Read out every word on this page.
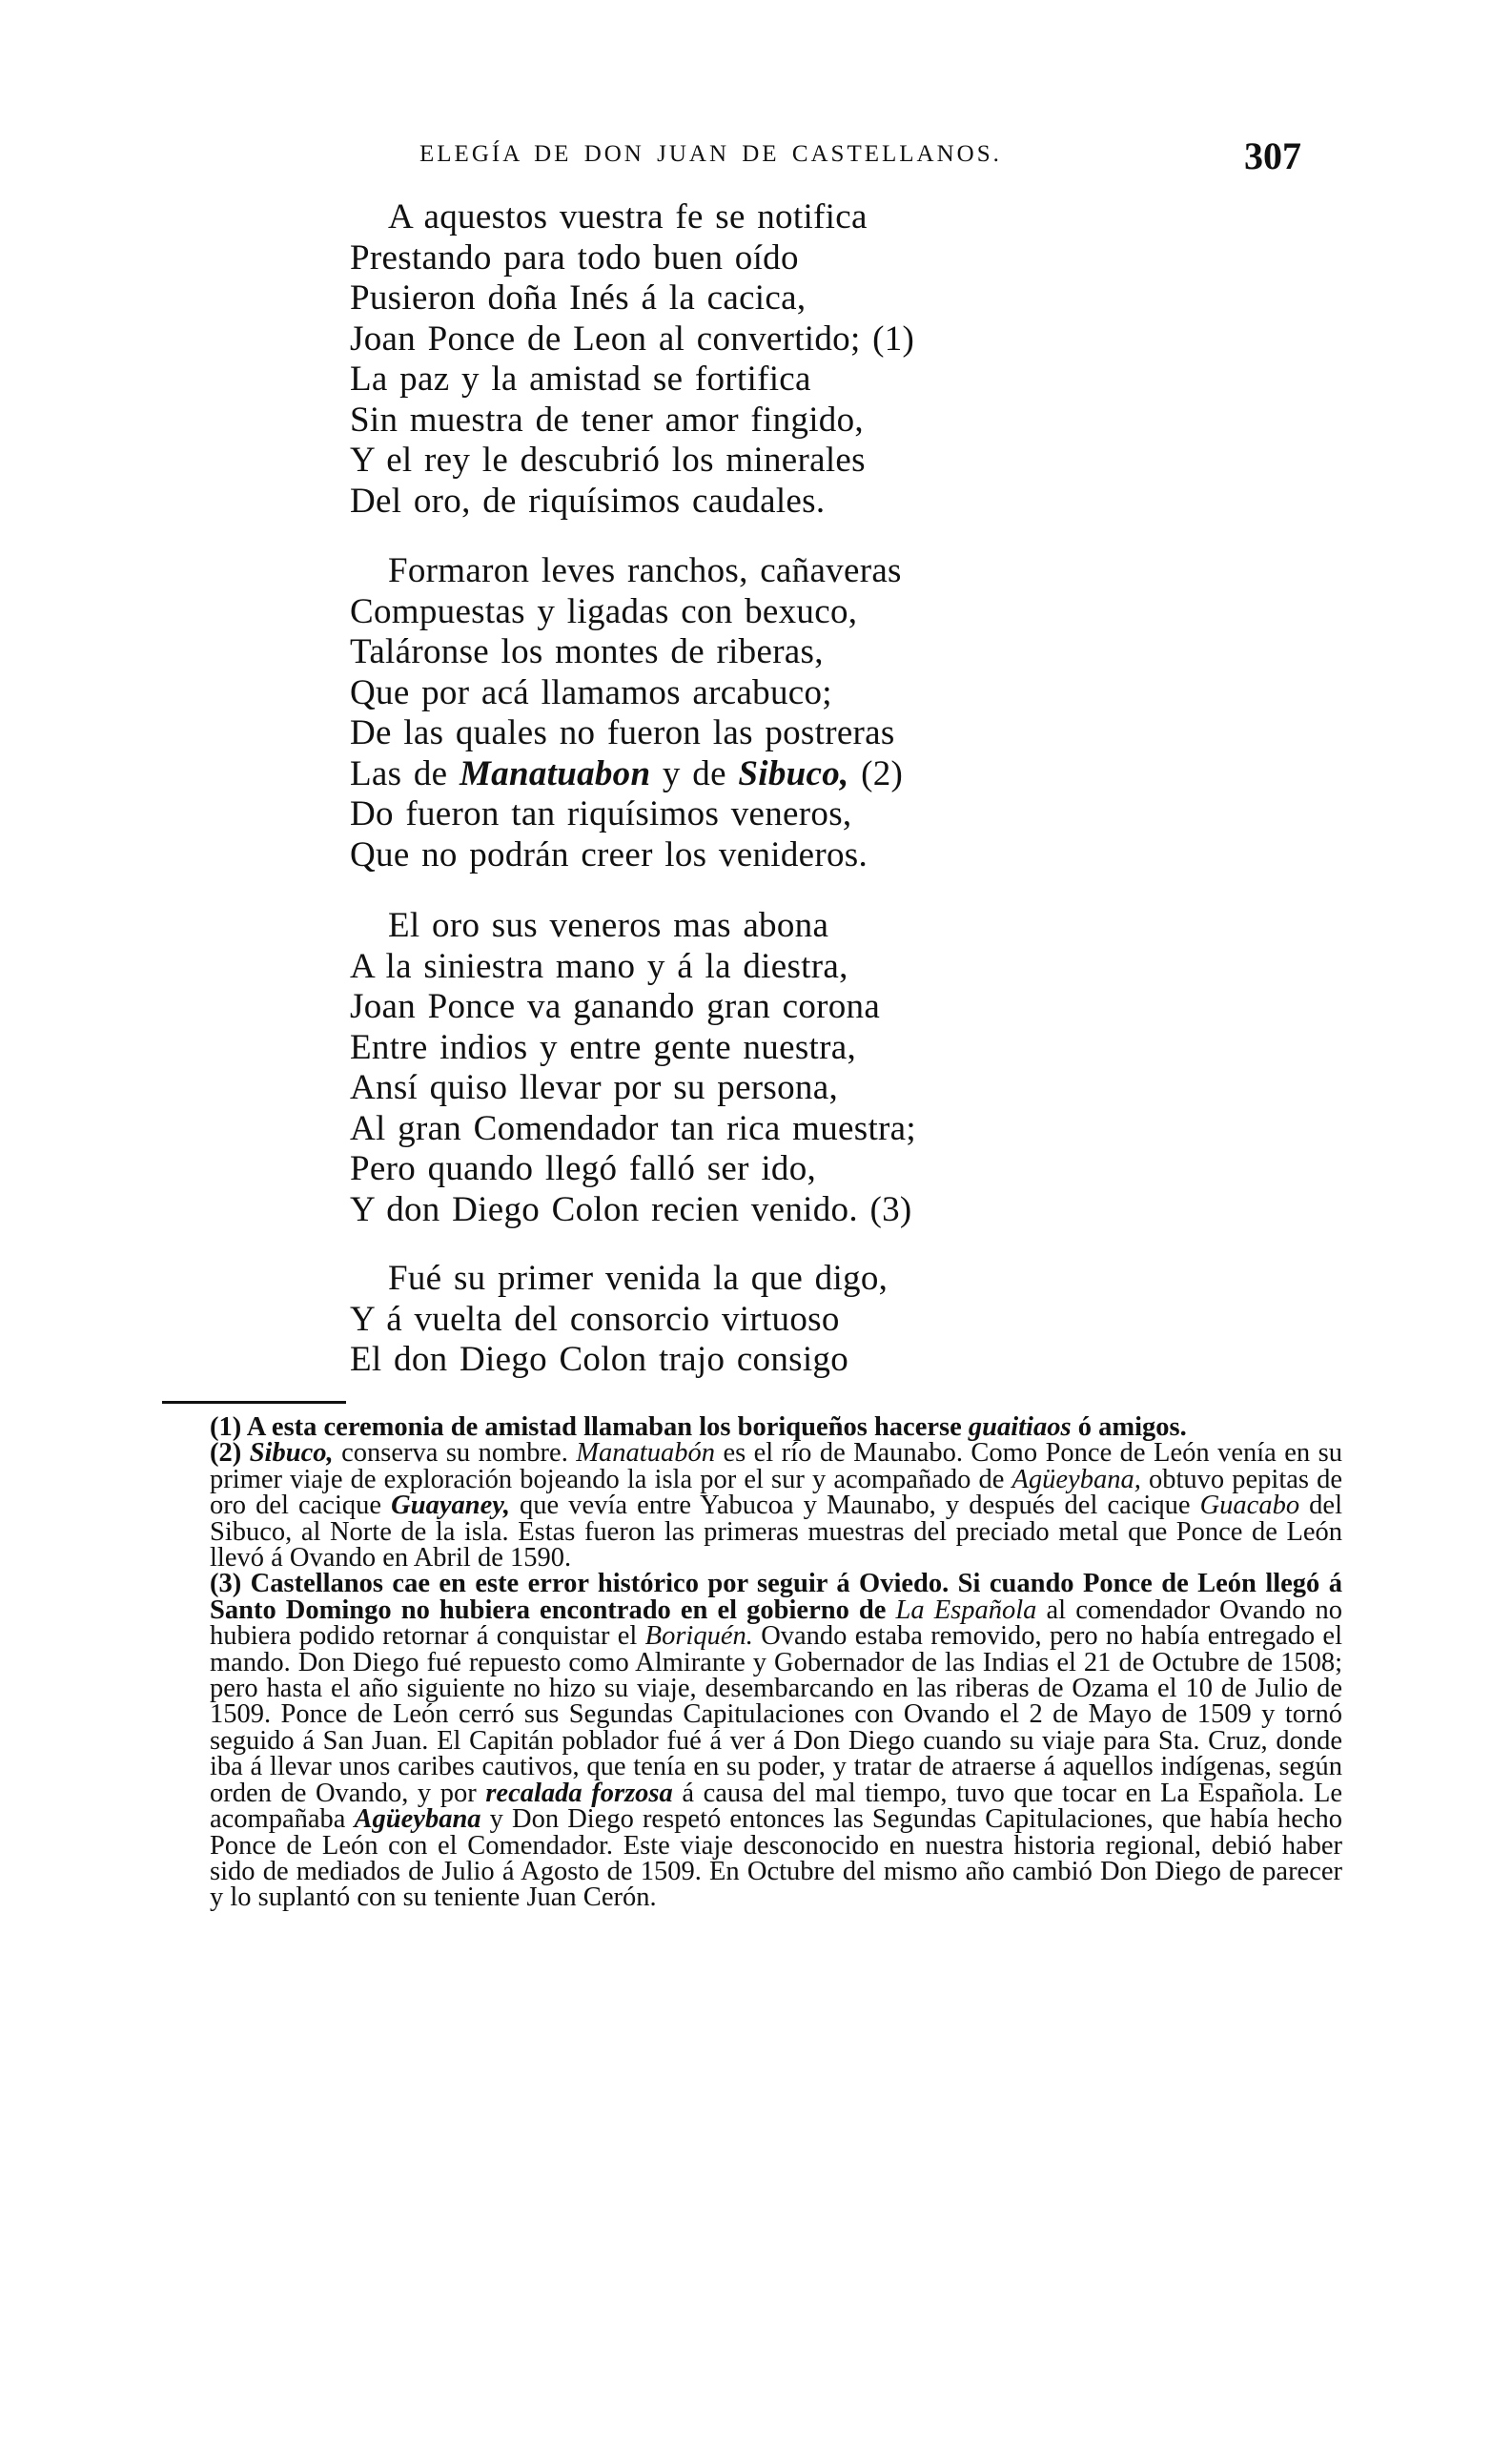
ELEGÍA DE DON JUAN DE CASTELLANOS.	307
A aquestos vuestra fe se notifica
Prestando para todo buen oído
Pusieron doña Inés á la cacica,
Joan Ponce de Leon al convertido; (1)
La paz y la amistad se fortifica
Sin muestra de tener amor fingido,
Y el rey le descubrió los minerales
Del oro, de riquísimos caudales.
Formaron leves ranchos, cañaveras
Compuestas y ligadas con bexuco,
Taláronse los montes de riberas,
Que por acá llamamos arcabuco;
De las quales no fueron las postreras
Las de Manatuabon y de Sibuco, (2)
Do fueron tan riquísimos veneros,
Que no podrán creer los venideros.
El oro sus veneros mas abona
A la siniestra mano y á la diestra,
Joan Ponce va ganando gran corona
Entre indios y entre gente nuestra,
Ansí quiso llevar por su persona,
Al gran Comendador tan rica muestra;
Pero quando llegó falló ser ido,
Y don Diego Colon recien venido. (3)
Fué su primer venida la que digo,
Y á vuelta del consorcio virtuoso
El don Diego Colon trajo consigo

(1) A esta ceremonia de amistad llamaban los boriqueños hacerse guaitiaos ó amigos.

(2) Sibuco, conserva su nombre. Manatuabón es el río de Maunabo. Como Ponce de León venía en su primer viaje de exploración bojeando la isla por el sur y acompañado de Agüeybana, obtuvo pepitas de oro del cacique Guayaney, que vevía entre Yabucoa y Maunabo, y después del cacique Guacabo del Sibuco, al Norte de la isla. Estas fueron las primeras muestras del preciado metal que Ponce de León llevó á Ovando en Abril de 1590.

(3) Castellanos cae en este error histórico por seguir á Oviedo. Si cuando Ponce de León llegó á Santo Domingo no hubiera encontrado en el gobierno de La Española al comendador Ovando no hubiera podido retornar á conquistar el Boriquén. Ovando estaba removido, pero no había entregado el mando. Don Diego fué repuesto como Almirante y Gobernador de las Indias el 21 de Octubre de 1508; pero hasta el año siguiente no hizo su viaje, desembarcando en las riberas de Ozama el 10 de Julio de 1509. Ponce de León cerró sus Segundas Capitulaciones con Ovando el 2 de Mayo de 1509 y tornó seguido á San Juan. El Capitán poblador fué á ver á Don Diego cuando su viaje para Sta. Cruz, donde iba á llevar unos caribes cautivos, que tenía en su poder, y tratar de atraerse á aquellos indígenas, según orden de Ovando, y por recalada forzosa á causa del mal tiempo, tuvo que tocar en La Española. Le acompañaba Agüeybana y Don Diego respetó entonces las Segundas Capitulaciones, que había hecho Ponce de León con el Comendador. Este viaje desconocido en nuestra historia regional, debió haber sido de mediados de Julio á Agosto de 1509. En Octubre del mismo año cambió Don Diego de parecer y lo suplantó con su teniente Juan Cerón.
